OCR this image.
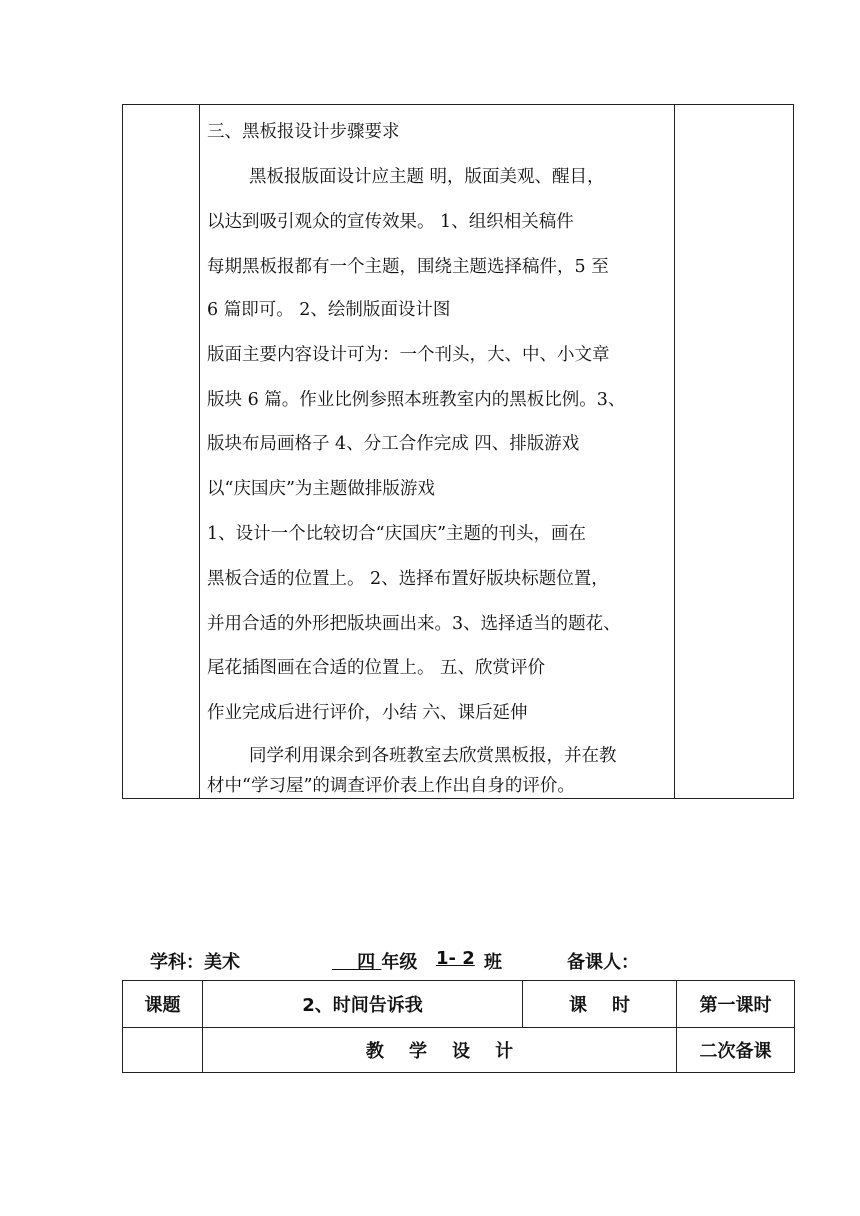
三、黑板报设计步骤要求
黑板报版面设计应主题 明，版面美观、醒目，
以达到吸引观众的宣传效果。 1、组织相关稿件
每期黑板报都有一个主题，围绕主题选择稿件，5 至
6 篇即可。 2、绘制版面设计图
版面主要内容设计可为：一个刊头，大、中、小文章
版块 6 篇。作业比例参照本班教室内的黑板比例。3、
版块布局画格子 4、分工合作完成 四、排版游戏
以“庆国庆”为主题做排版游戏
1、设计一个比较切合“庆国庆”主题的刊头，画在
黑板合适的位置上。 2、选择布置好版块标题位置，
并用合适的外形把版块画出来。3、选择适当的题花、
尾花插图画在合适的位置上。 五、欣赏评价
作业完成后进行评价，小结 六、课后延伸
同学利用课余到各班教室去欣赏黑板报，并在教
材中“学习屋”的调查评价表上作出自身的评价。
学科：美术	四 年级 1- 2 班	备课人：
课题	2、时间告诉我	课    时	第一课时
教    学    设    计	二次备课
